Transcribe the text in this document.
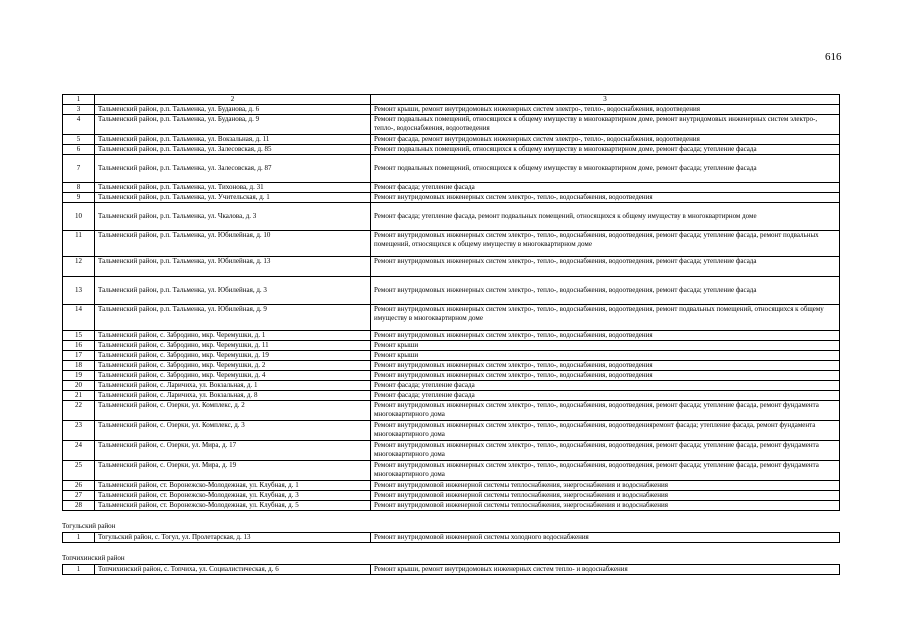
616
1	2	3
3	Тальменский район, р.п. Тальменка, ул. Буданова, д. 6	Ремонт крыши, ремонт внутридомовых инженерных систем электро-, тепло-, водоснабжения, водоотведения
4	Тальменский район, р.п. Тальменка, ул. Буданова, д. 9	Ремонт подвальных помещений, относящихся к общему имуществу в многоквартирном доме, ремонт внутридомовых инженерных систем электро-, тепло-, водоснабжения, водоотведения
5	Тальменский район, р.п. Тальменка, ул. Вокзальная, д. 11	Ремонт фасада, ремонт внутридомовых инженерных систем электро-, тепло-, водоснабжения, водоотведения
6	Тальменский район, р.п. Тальменка, ул. Залесовская, д. 85	Ремонт подвальных помещений, относящихся к общему имуществу в многоквартирном доме, ремонт фасада; утепление фасада
7	Тальменский район, р.п. Тальменка, ул. Залесовская, д. 87	Ремонт подвальных помещений, относящихся к общему имуществу в многоквартирном доме, ремонт фасада; утепление фасада
8	Тальменский район, р.п. Тальменка, ул. Тихонова, д. 31	Ремонт фасада; утепление фасада
9	Тальменский район, р.п. Тальменка, ул. Учительская, д. 1	Ремонт внутридомовых инженерных систем электро-, тепло-, водоснабжения, водоотведения
10	Тальменский район, р.п. Тальменка, ул. Чкалова, д. 3	Ремонт фасада; утепление фасада, ремонт подвальных помещений, относящихся к общему имуществу в многоквартирном доме
11	Тальменский район, р.п. Тальменка, ул. Юбилейная, д. 10	Ремонт внутридомовых инженерных систем электро-, тепло-, водоснабжения, водоотведения, ремонт фасада; утепление фасада, ремонт подвальных помещений, относящихся к общему имуществу в многоквартирном доме
12	Тальменский район, р.п. Тальменка, ул. Юбилейная, д. 13	Ремонт внутридомовых инженерных систем электро-, тепло-, водоснабжения, водоотведения, ремонт фасада; утепление фасада
13	Тальменский район, р.п. Тальменка, ул. Юбилейная, д. 3	Ремонт внутридомовых инженерных систем электро-, тепло-, водоснабжения, водоотведения, ремонт фасада; утепление фасада
14	Тальменский район, р.п. Тальменка, ул. Юбилейная, д. 9	Ремонт внутридомовых инженерных систем электро-, тепло-, водоснабжения, водоотведения, ремонт подвальных помещений, относящихся к общему имуществу в многоквартирном доме
15	Тальменский район, с. Забродино, мкр. Черемушки, д. 1	Ремонт внутридомовых инженерных систем электро-, тепло-, водоснабжения, водоотведения
16	Тальменский район, с. Забродино, мкр. Черемушки, д. 11	Ремонт крыши
17	Тальменский район, с. Забродино, мкр. Черемушки, д. 19	Ремонт крыши
18	Тальменский район, с. Забродино, мкр. Черемушки, д. 2	Ремонт внутридомовых инженерных систем электро-, тепло-, водоснабжения, водоотведения
19	Тальменский район, с. Забродино, мкр. Черемушки, д. 4	Ремонт внутридомовых инженерных систем электро-, тепло-, водоснабжения, водоотведения
20	Тальменский район, с. Ларичиха, ул. Вокзальная, д. 1	Ремонт фасада; утепление фасада
21	Тальменский район, с. Ларичиха, ул. Вокзальная, д. 8	Ремонт фасада; утепление фасада
22	Тальменский район, с. Озерки, ул. Комплекс, д. 2	Ремонт внутридомовых инженерных систем электро-, тепло-, водоснабжения, водоотведения, ремонт фасада; утепление фасада, ремонт фундамента многоквартирного дома
23	Тальменский район, с. Озерки, ул. Комплекс, д. 3	Ремонт внутридомовых инженерных систем электро-, тепло-, водоснабжения, водоотведенияремонт фасада; утепление фасада, ремонт фундамента многоквартирного дома
24	Тальменский район, с. Озерки, ул. Мира, д. 17	Ремонт внутридомовых инженерных систем электро-, тепло-, водоснабжения, водоотведения, ремонт фасада; утепление фасада, ремонт фундамента многоквартирного дома
25	Тальменский район, с. Озерки, ул. Мира, д. 19	Ремонт внутридомовых инженерных систем электро-, тепло-, водоснабжения, водоотведения, ремонт фасада; утепление фасада, ремонт фундамента многоквартирного дома
26	Тальменский район, ст. Воронежско-Молодежная, ул. Клубная, д. 1	Ремонт внутридомовой инженерной системы теплоснабжения, энергоснабжения и водоснабжения
27	Тальменский район, ст. Воронежско-Молодежная, ул. Клубная, д. 3	Ремонт внутридомовой инженерной системы теплоснабжения, энергоснабжения и водоснабжения
28	Тальменский район, ст. Воронежско-Молодежная, ул. Клубная, д. 5	Ремонт внутридомовой инженерной системы теплоснабжения, энергоснабжения и водоснабжения
Тогульский район
1	Тогульский район, с. Тогул, ул. Пролетарская, д. 13	Ремонт внутридомовой инженерной системы холодного водоснабжения
Топчихинский район
1	Топчихинский район, с. Топчиха, ул. Социалистическая, д. 6	Ремонт крыши, ремонт внутридомовых инженерных систем тепло- и водоснабжения
